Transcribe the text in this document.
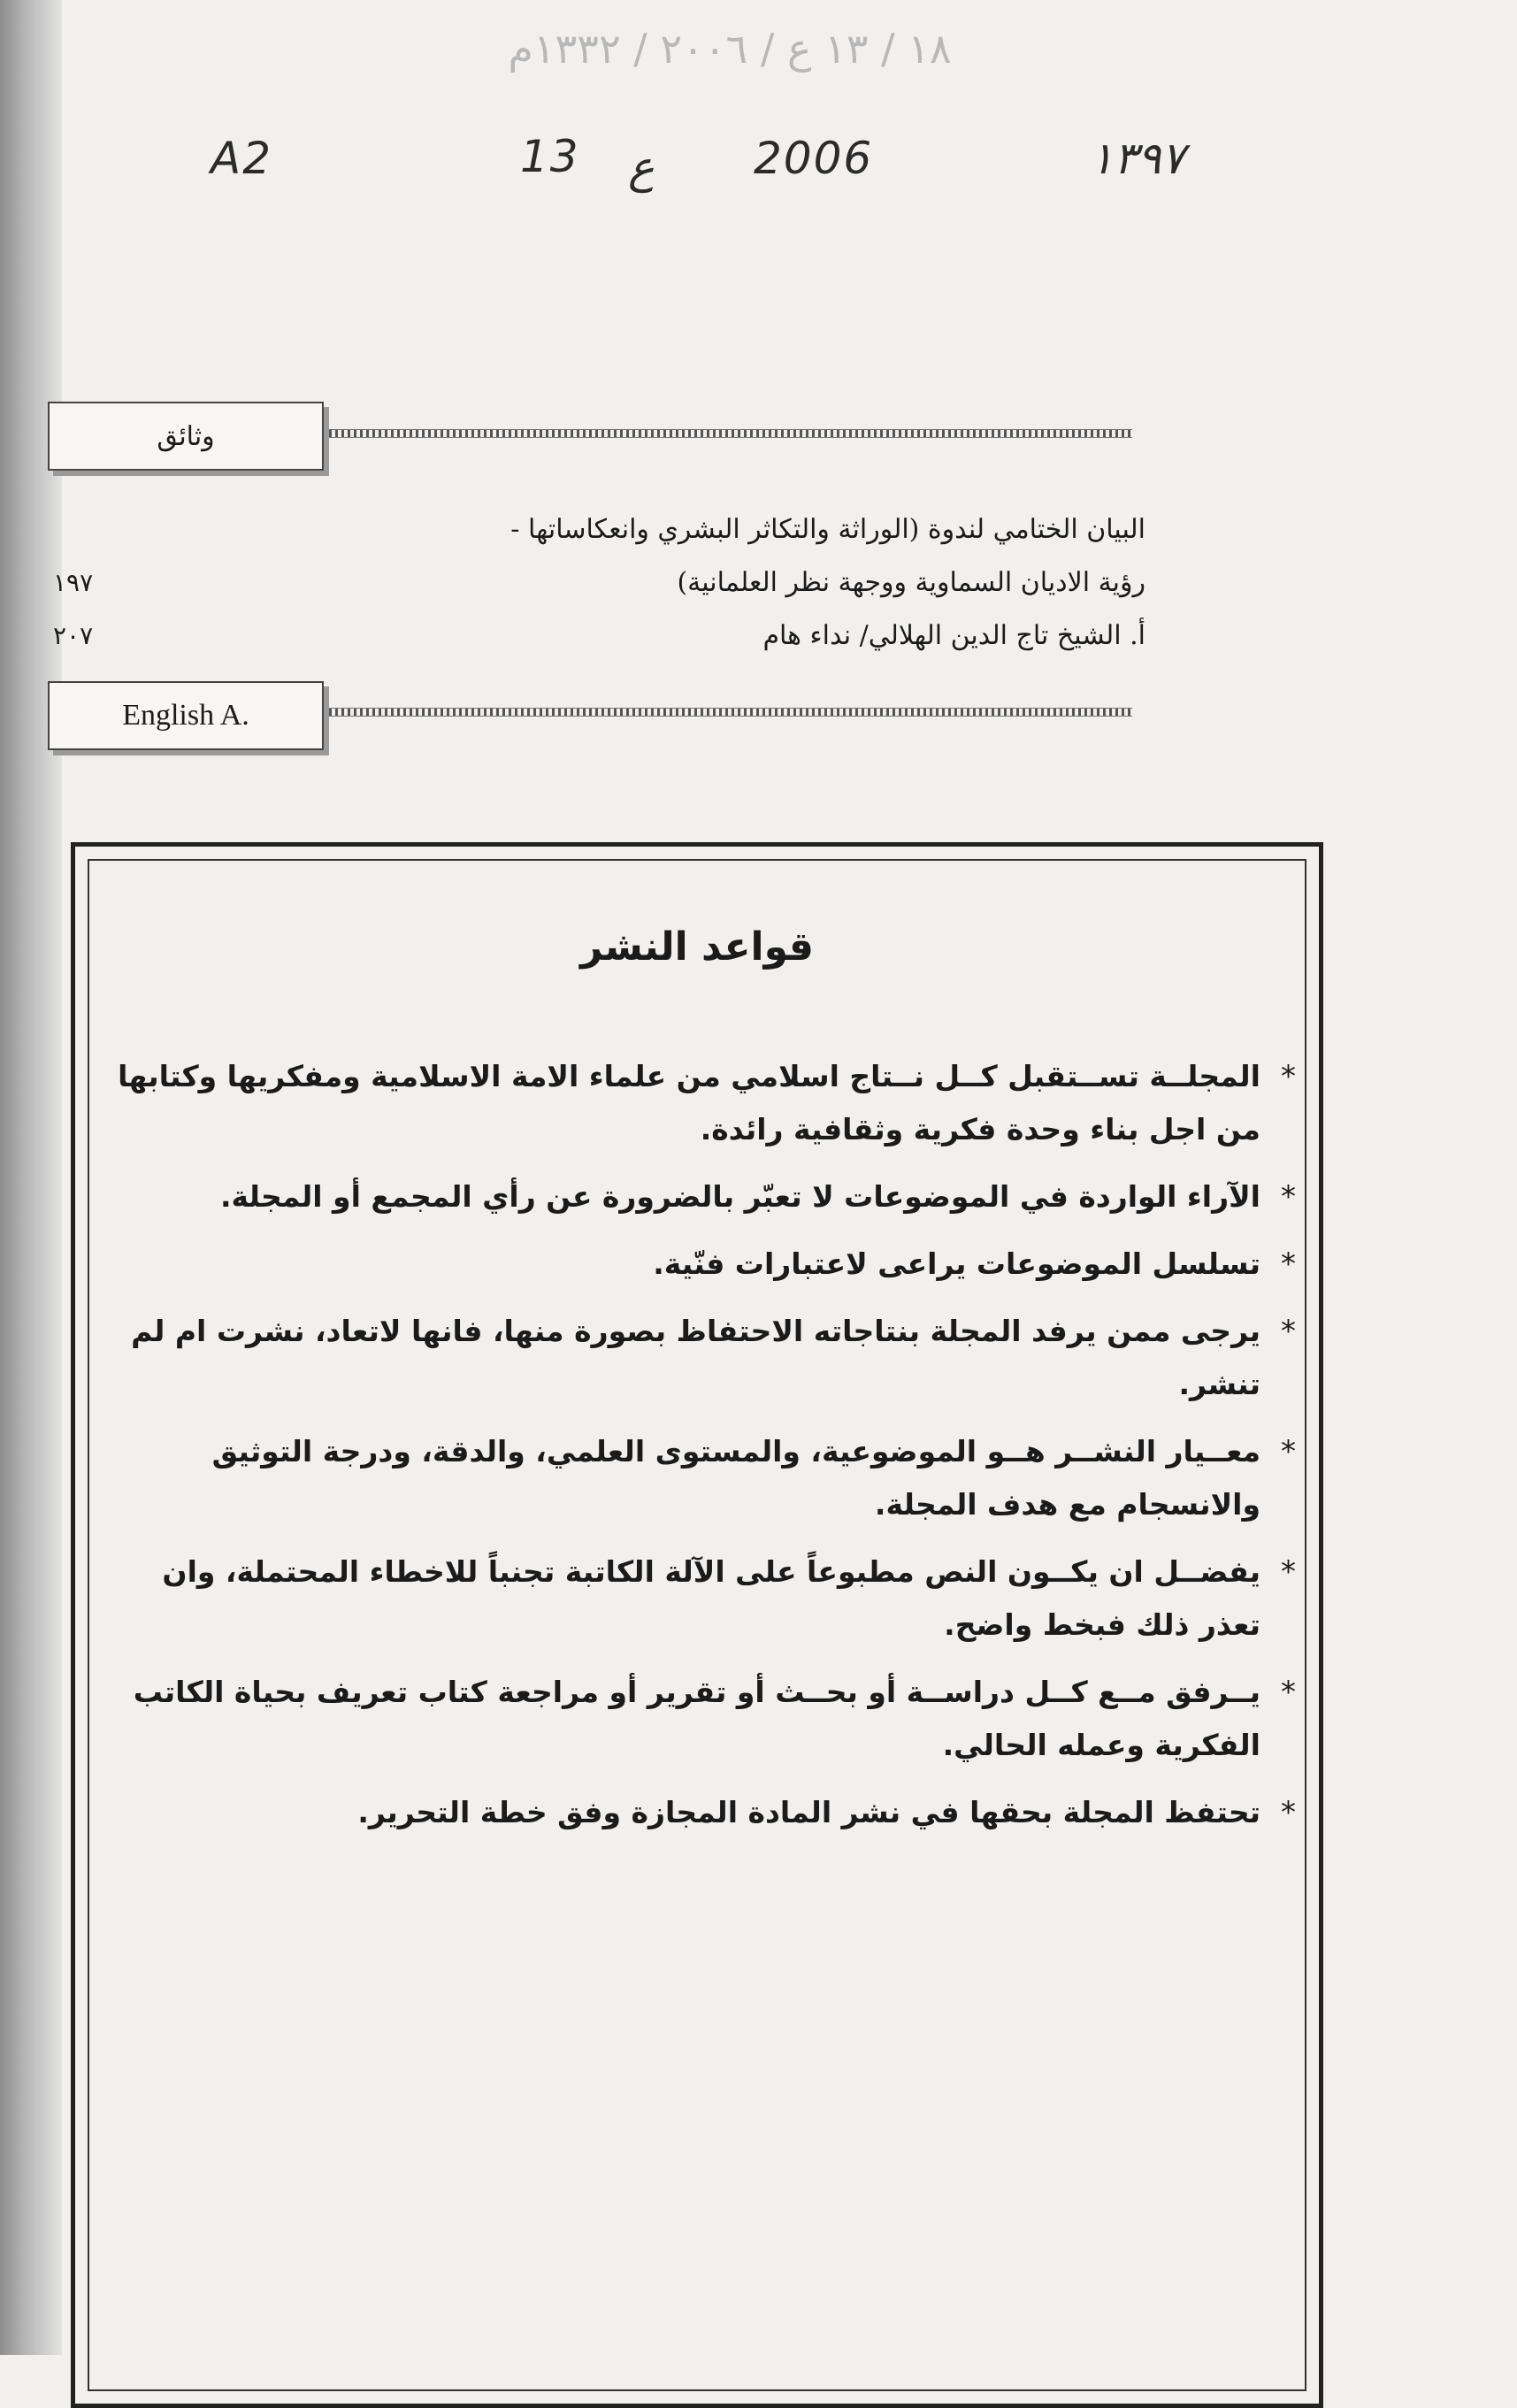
١٨ / ١٣ ع / ٢٠٠٦ / ١٣٣٢م
A2	13 ع 2006	١٣٩٧
وثائق
البيان الختامي لندوة (الوراثة والتكاثر البشري وانعكاساتها -
١٩٧	رؤية الاديان السماوية ووجهة نظر العلمانية)
٢٠٧	أ. الشيخ تاج الدين الهلالي/ نداء هام
English A.
قواعد النشر
*
المجلــة تســتقبل كــل نــتاج اسلامي من علماء الامة الاسلامية ومفكريها وكتابها من اجل بناء وحدة فكرية وثقافية رائدة.
*
الآراء الواردة في الموضوعات لا تعبّر بالضرورة عن رأي المجمع أو المجلة.
*
تسلسل الموضوعات يراعى لاعتبارات فنّية.
*
يرجى ممن يرفد المجلة بنتاجاته الاحتفاظ بصورة منها، فانها لاتعاد، نشرت ام لم تنشر.
*
معــيار النشــر هــو الموضوعية، والمستوى العلمي، والدقة، ودرجة التوثيق والانسجام مع هدف المجلة.
*
يفضــل ان يكــون النص مطبوعاً على الآلة الكاتبة تجنباً للاخطاء المحتملة، وان تعذر ذلك فبخط واضح.
*
يــرفق مــع كــل دراســة أو بحــث أو تقرير أو مراجعة كتاب تعريف بحياة الكاتب الفكرية وعمله الحالي.
*
تحتفظ المجلة بحقها في نشر المادة المجازة وفق خطة التحرير.
